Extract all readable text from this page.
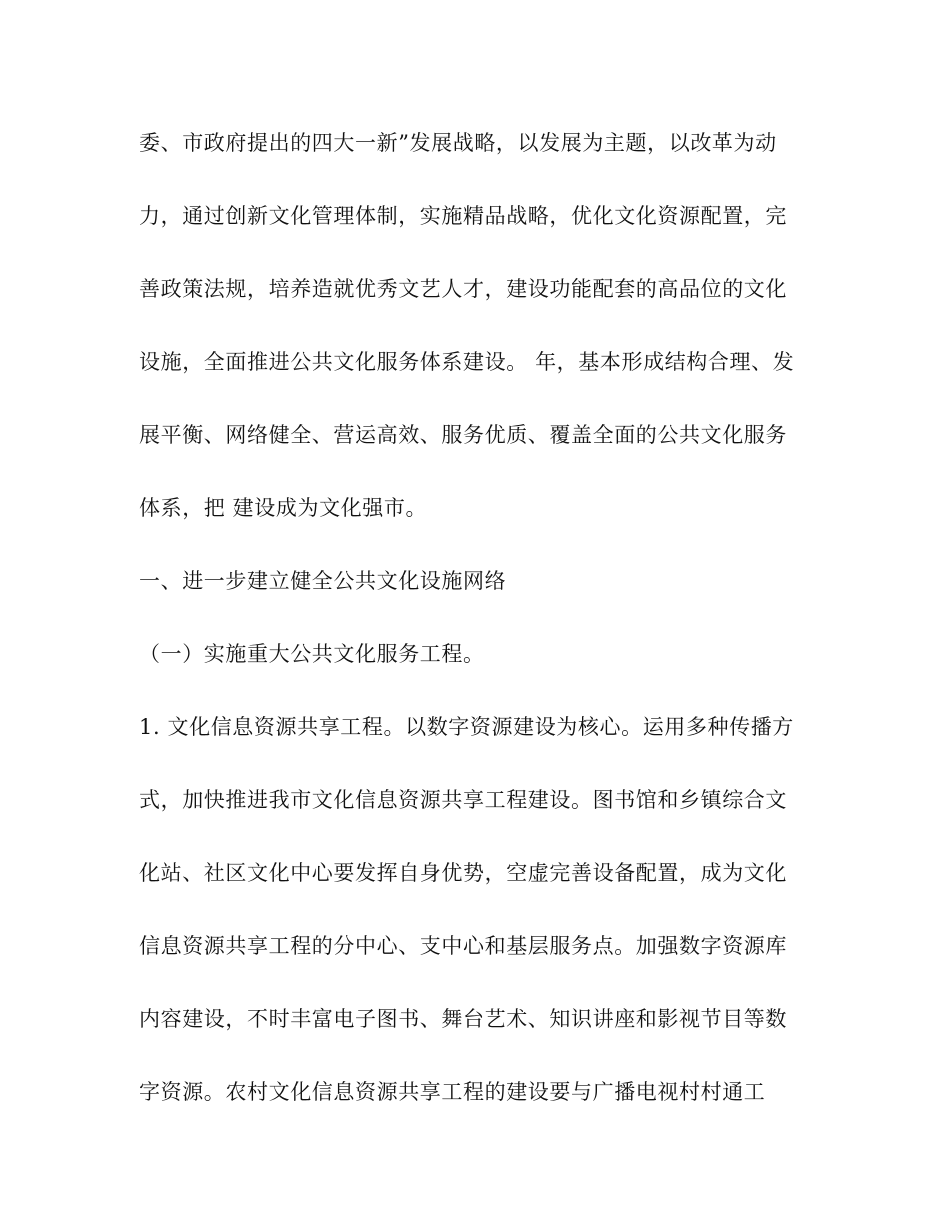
委、市政府提出的四大一新”发展战略，以发展为主题，以改革为动
力，通过创新文化管理体制，实施精品战略，优化文化资源配置，完
善政策法规，培养造就优秀文艺人才，建设功能配套的高品位的文化
设施，全面推进公共文化服务体系建设。 年，基本形成结构合理、发
展平衡、网络健全、营运高效、服务优质、覆盖全面的公共文化服务
体系，把 建设成为文化强市。
一、进一步建立健全公共文化设施网络
（一）实施重大公共文化服务工程。
1. 文化信息资源共享工程。以数字资源建设为核心。运用多种传播方
式，加快推进我市文化信息资源共享工程建设。图书馆和乡镇综合文
化站、社区文化中心要发挥自身优势，空虚完善设备配置，成为文化
信息资源共享工程的分中心、支中心和基层服务点。加强数字资源库
内容建设，不时丰富电子图书、舞台艺术、知识讲座和影视节目等数
字资源。农村文化信息资源共享工程的建设要与广播电视村村通工
